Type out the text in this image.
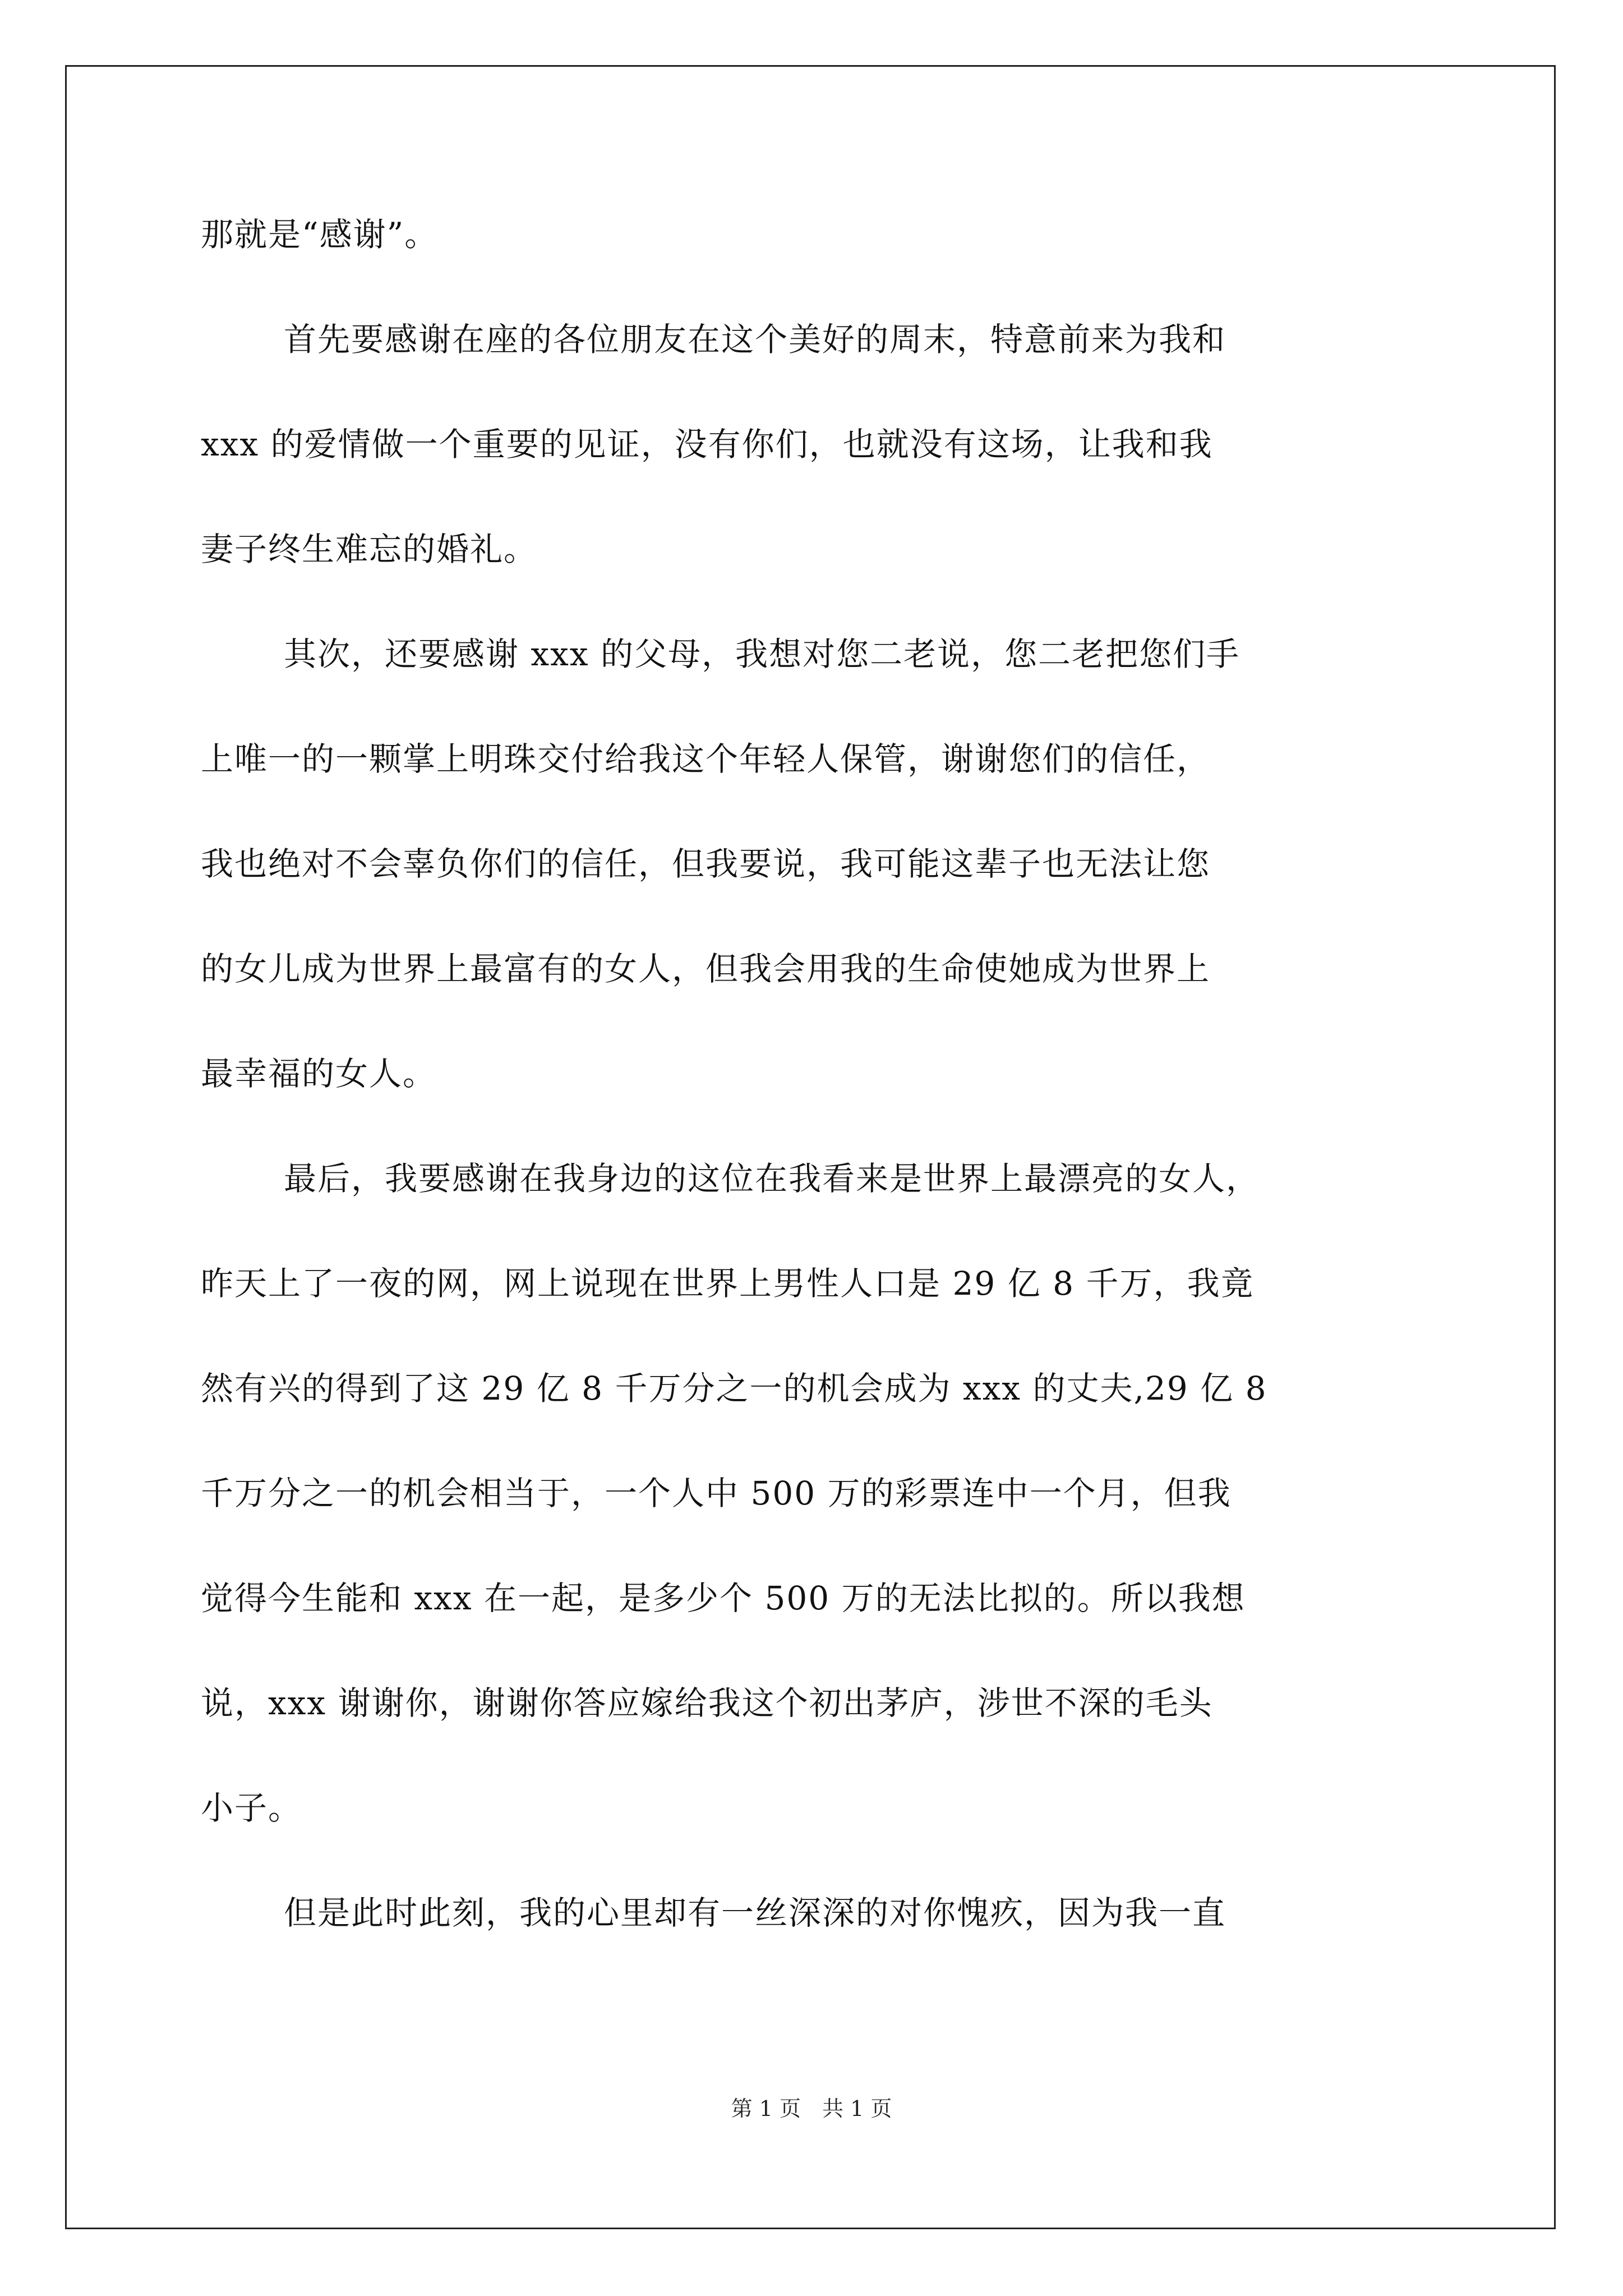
那就是“感谢”。
首先要感谢在座的各位朋友在这个美好的周末，特意前来为我和
xxx 的爱情做一个重要的见证，没有你们，也就没有这场，让我和我
妻子终生难忘的婚礼。
其次，还要感谢 xxx 的父母，我想对您二老说，您二老把您们手
上唯一的一颗掌上明珠交付给我这个年轻人保管，谢谢您们的信任，
我也绝对不会辜负你们的信任，但我要说，我可能这辈子也无法让您
的女儿成为世界上最富有的女人，但我会用我的生命使她成为世界上
最幸福的女人。
最后，我要感谢在我身边的这位在我看来是世界上最漂亮的女人，
昨天上了一夜的网，网上说现在世界上男性人口是 29 亿 8 千万，我竟
然有兴的得到了这 29 亿 8 千万分之一的机会成为 xxx 的丈夫,29 亿 8
千万分之一的机会相当于，一个人中 500 万的彩票连中一个月，但我
觉得今生能和 xxx 在一起，是多少个 500 万的无法比拟的。所以我想
说，xxx 谢谢你，谢谢你答应嫁给我这个初出茅庐，涉世不深的毛头
小子。
但是此时此刻，我的心里却有一丝深深的对你愧疚，因为我一直
第 1 页　共 1 页
